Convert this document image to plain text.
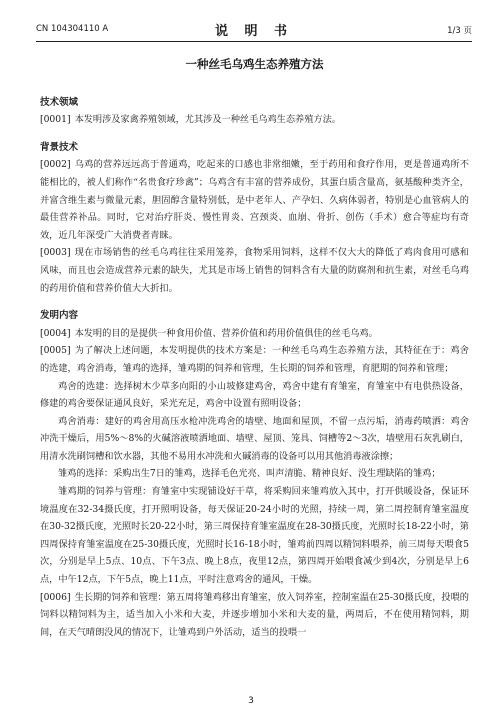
CN 104304110 A	说 明 书	1/3 页
一种丝毛乌鸡生态养殖方法
技术领域

[0001] 本发明涉及家禽养殖领域，尤其涉及一种丝毛乌鸡生态养殖方法。

背景技术

[0002] 乌鸡的营养远远高于普通鸡，吃起来的口感也非常细嫩，至于药用和食疗作用，更是普通鸡所不能相比的，被人们称作“名贵食疗珍禽”；乌鸡含有丰富的营养成份，其蛋白质含量高，氨基酸种类齐全，并富含维生素与微量元素，胆固醇含量特别低，是中老年人、产孕妇、久病体弱者，特别是心血管病人的最佳营养补品。同时，它对治疗肝炎、慢性胃炎、宫颈炎、血崩、骨折、创伤（手术）愈合等症均有奇效，近几年深受广大消费者青睐。

[0003] 现在市场销售的丝毛乌鸡往往采用笼养，食物采用饲料，这样不仅大大的降低了鸡肉食用可感和风味，而且也会造成营养元素的缺失，尤其是市场上销售的饲料含有大量的防腐剂和抗生素，对丝毛乌鸡的药用价值和营养价值大大折扣。

发明内容

[0004] 本发明的目的是提供一种食用价值、营养价值和药用价值俱佳的丝毛乌鸡。

[0005] 为了解决上述问题，本发明提供的技术方案是：一种丝毛乌鸡生态养殖方法，其特征在于：鸡舍的选建，鸡舍消毒，雏鸡的选择，雏鸡期的饲养和管理，生长期的饲养和管理，育肥期的饲养和管理；

鸡舍的选建：选择树木少草多向阳的小山坡修建鸡舍，鸡舍中建有育雏室，育雏室中有电供热设备，修建的鸡舍要保证通风良好，采光充足，鸡舍中设置有照明设备；

鸡舍消毒：建好的鸡舍用高压水枪冲洗鸡舍的墙壁、地面和屋顶，不留一点污垢，消毒药喷洒：鸡舍冲洗干燥后，用5%～8%的火碱溶液喷洒地面、墙壁、屋顶、笼具、饲槽等2～3次，墙壁用石灰乳刷白，用清水洗刷饲槽和饮水器，其他不易用水冲洗和火碱消毒的设备可以用其他消毒液涂擦；

雏鸡的选择：采购出生7日的雏鸡，选择毛色光亮、叫声清脆、精神良好、没生理缺陷的雏鸡；

雏鸡期的饲养与管理：育雏室中实现铺设好干草，将采购回来雏鸡放入其中，打开供暖设备，保证环境温度在32-34摄氏度，打开照明设备，每天保证20-24小时的光照，持续一周，第二周控制育雏室温度在30-32摄氏度，光照时长20-22小时，第三周保持育雏室温度在28-30摄氏度，光照时长18-22小时，第四周保持育雏室温度在25-30摄氏度，光照时长16-18小时，雏鸡前四周以精饲料喂养，前三周每天喂食5次，分别是早上5点、10点、下午3点、晚上8点，夜里12点，第四周开始喂食减少到4次，分别是早上6点，中午12点，下午5点，晚上11点，平时注意鸡舍的通风，干燥。

[0006] 生长期的饲养和管理：第五周将雏鸡移出育雏室，放入饲养室，控制室温在25-30摄氏度，投喂的饲料以精饲料为主，适当加入小米和大麦，并逐步增加小米和大麦的量，两周后，不在使用精饲料，期间，在天气晴朗没风的情况下，让雏鸡到户外活动，适当的投喂一

3
